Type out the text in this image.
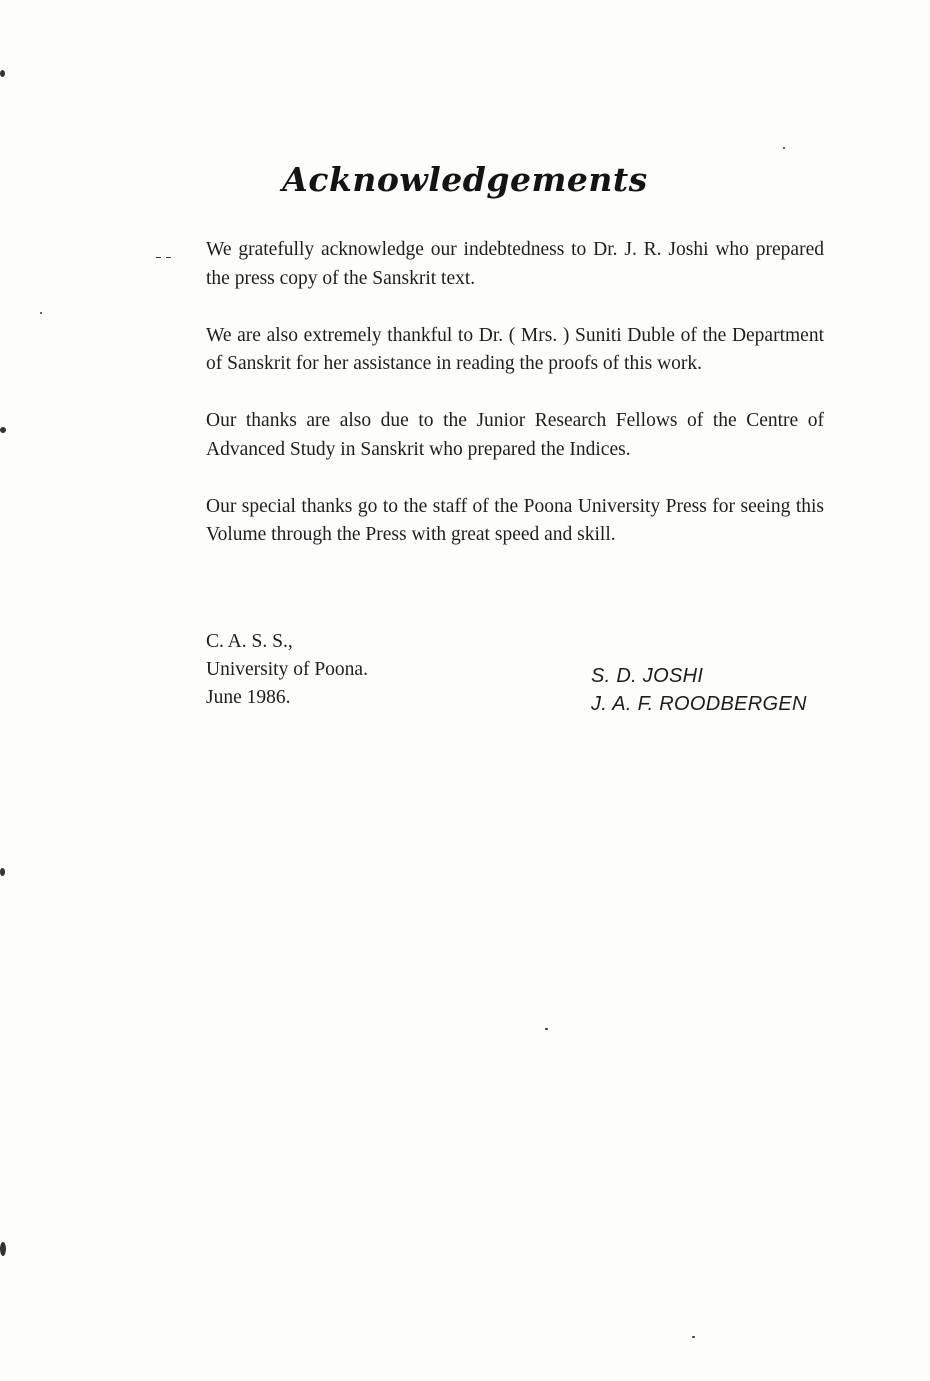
Acknowledgements

We gratefully acknowledge our indebtedness to Dr. J. R. Joshi who prepared the press copy of the Sanskrit text.

We are also extremely thankful to Dr. ( Mrs. ) Suniti Duble of the Department of Sanskrit for her assistance in reading the proofs of this work.

Our thanks are also due to the Junior Research Fellows of the Centre of Advanced Study in Sanskrit who prepared the Indices.

Our special thanks go to the staff of the Poona University Press for seeing this Volume through the Press with great speed and skill.

C. A. S. S.,
University of Poona.
June 1986.
S. D. JOSHI
J. A. F. ROODBERGEN
